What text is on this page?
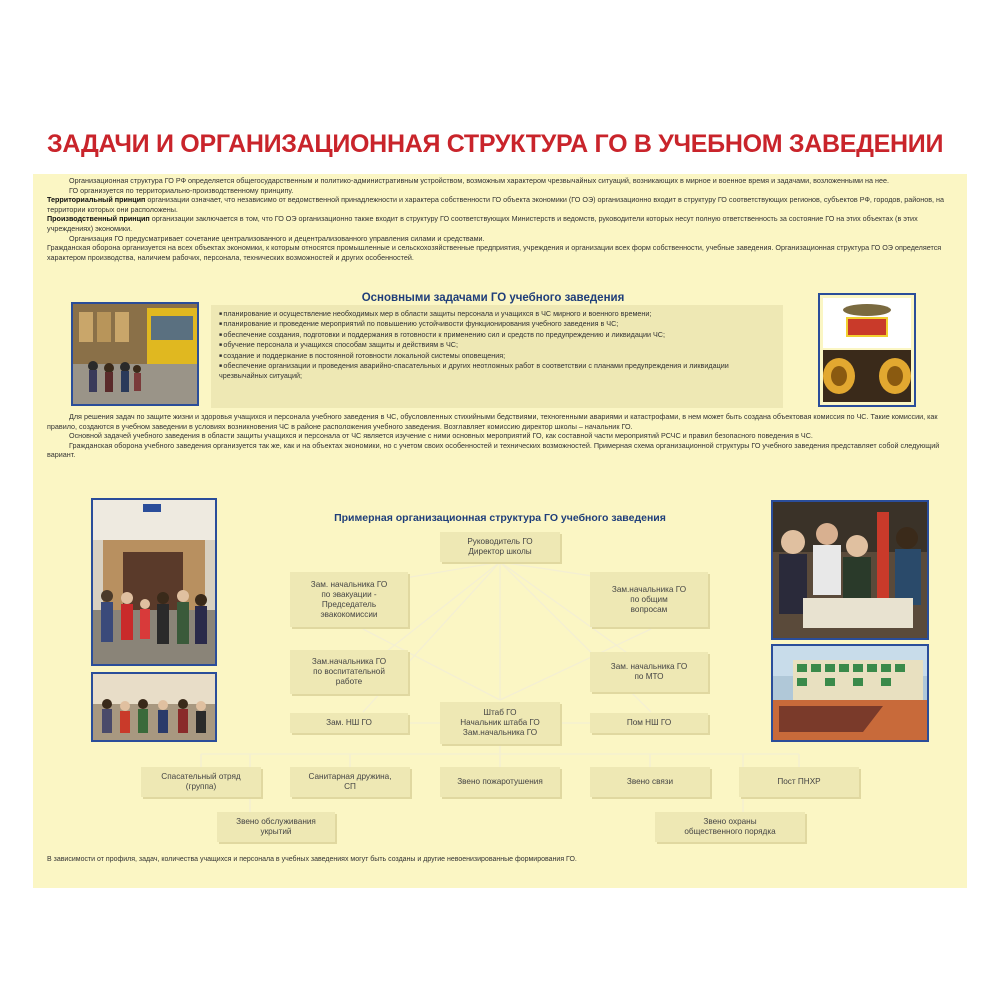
ЗАДАЧИ И ОРГАНИЗАЦИОННАЯ СТРУКТУРА ГО В УЧЕБНОМ ЗАВЕДЕНИИ
Организационная структура ГО РФ определяется общегосударственным и политико-административным устройством, возможным характером чрезвычайных ситуаций, возникающих в мирное и военное время и задачами, возложенными на нее.
ГО организуется по территориально-производственному принципу.
Территориальный принцип организации означает, что независимо от ведомственной принадлежности и характера собственности ГО объекта экономики (ГО ОЭ) организационно входит в структуру ГО соответствующих регионов, субъектов РФ, городов, районов, на территории которых они расположены.
Производственный принцип организации заключается в том, что ГО ОЭ организационно также входит в структуру ГО соответствующих Министерств и ведомств, руководители которых несут полную ответственность за состояние ГО на этих объектах (в этих учреждениях) экономики.
Организация ГО предусматривает сочетание централизованного и децентрализованного управления силами и средствами.
Гражданская оборона организуется на всех объектах экономики, к которым относятся промышленные и сельскохозяйственные предприятия, учреждения и организации всех форм собственности, учебные заведения. Организационная структура ГО ОЭ определяется характером производства, наличием рабочих, персонала, технических возможностей и других особенностей.
Основными задачами ГО учебного заведения
■ планирование и осуществление необходимых мер в области защиты персонала и учащихся в ЧС мирного и военного времени;
■ планирование и проведение мероприятий по повышению устойчивости функционирования учебного заведения в ЧС;
■ обеспечение создания, подготовки и поддержания в готовности к применению сил и средств по предупреждению и ликвидации ЧС;
■ обучение персонала и учащихся способам защиты и действиям в ЧС;
■ создание и поддержание в постоянной готовности локальной системы оповещения;
■ обеспечение организации и проведения аварийно-спасательных и других неотложных работ в соответствии с планами предупреждения и ликвидации чрезвычайных ситуаций;
Для решения задач по защите жизни и здоровья учащихся и персонала учебного заведения в ЧС, обусловленных стихийными бедствиями, техногенными авариями и катастрофами, в нем может быть создана объектовая комиссия по ЧС. Такие комиссии, как правило, создаются в учебном заведении в условиях возникновения ЧС в районе расположения учебного заведения. Возглавляет комиссию директор школы – начальник ГО.
Основной задачей учебного заведения в области защиты учащихся и персонала от ЧС является изучение с ними основных мероприятий ГО, как составной части мероприятий РСЧС и правил безопасного поведения в ЧС.
Гражданская оборона учебного заведения организуется так же, как и на объектах экономики, но с учетом своих особенностей и технических возможностей. Примерная схема организационной структуры ГО учебного заведения представляет собой следующий вариант.
Примерная организационная структура ГО учебного заведения
Руководитель ГО
Директор школы
Зам. начальника ГО
по эвакуации -
Председатель
эвакокомиссии
Зам.начальника ГО
по общим
вопросам
Зам.начальника ГО
по воспитательной
работе
Зам. начальника ГО
по МТО
Штаб ГО
Начальник штаба ГО
Зам.начальника ГО
Зам. НШ ГО	Пом НШ ГО
Спасательный отряд
(группа)
Санитарная дружина,
СП
Звено пожаротушения	Звено связи	Пост ПНХР
Звено обслуживания
укрытий
Звено охраны
общественного порядка
В зависимости от профиля, задач, количества учащихся и персонала в учебных заведениях могут быть созданы и другие невоенизированные формирования ГО.
